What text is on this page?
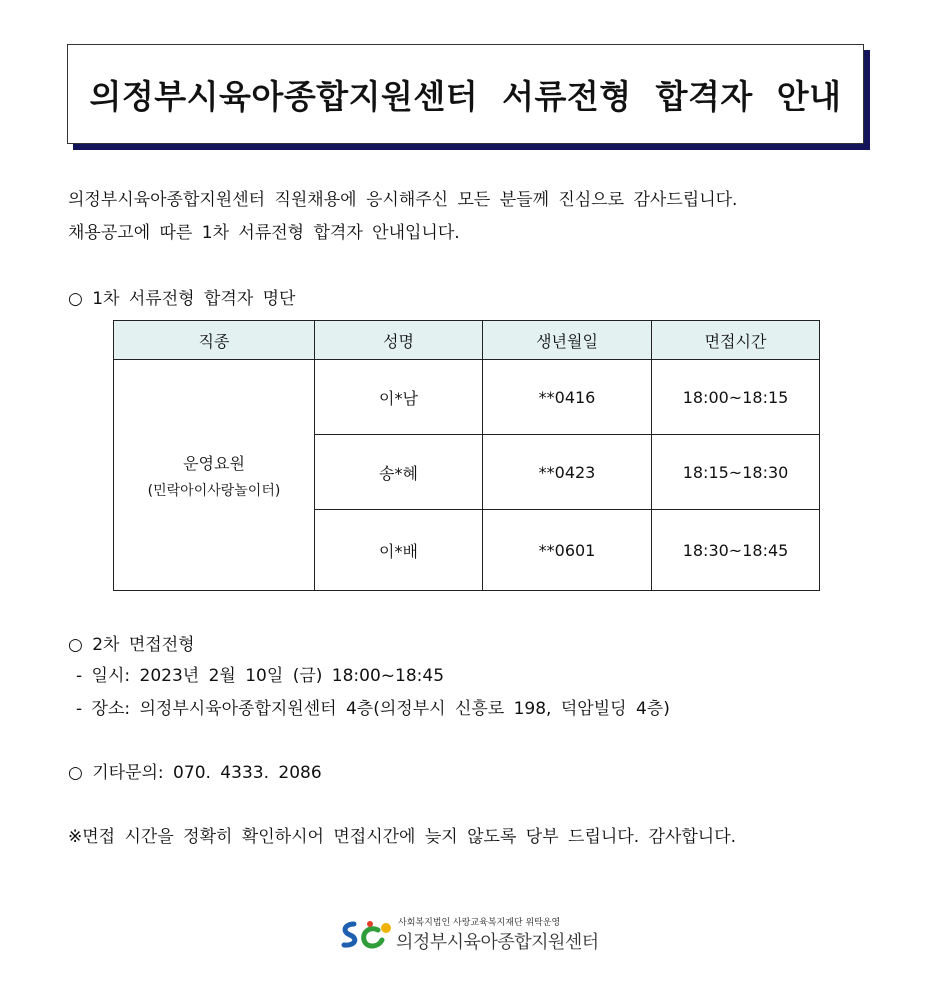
의정부시육아종합지원센터 서류전형 합격자 안내
의정부시육아종합지원센터 직원채용에 응시해주신 모든 분들께 진심으로 감사드립니다.
채용공고에 따른 1차 서류전형 합격자 안내입니다.
○ 1차 서류전형 합격자 명단
직종	성명	생년월일	면접시간
운영요원
(민락아이사랑놀이터)	이*남	**0416	18:00~18:15
	송*혜	**0423	18:15~18:30
	이*배	**0601	18:30~18:45
○ 2차 면접전형
- 일시: 2023년 2월 10일 (금) 18:00~18:45
- 장소: 의정부시육아종합지원센터 4층(의정부시 신흥로 198, 덕암빌딩 4층)
○ 기타문의: 070. 4333. 2086
※면접 시간을 정확히 확인하시어 면접시간에 늦지 않도록 당부 드립니다. 감사합니다.
사회복지법인 사랑교육복지재단 위탁운영
의정부시육아종합지원센터
